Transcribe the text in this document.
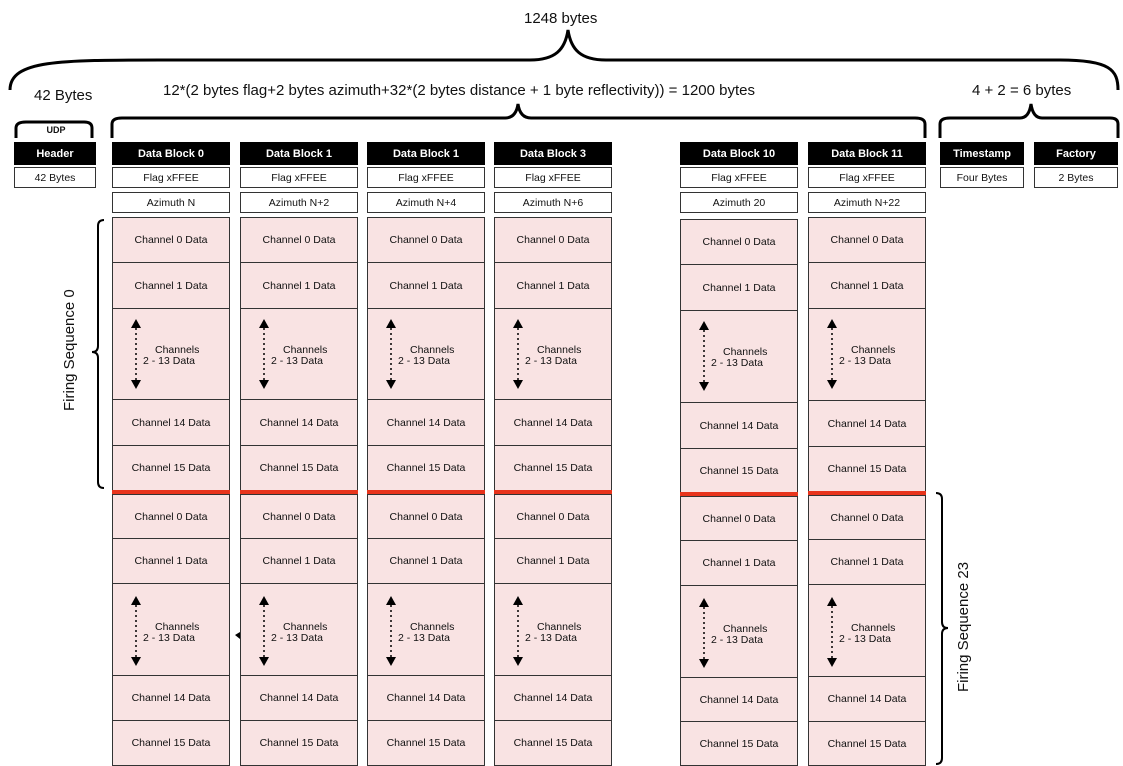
1248 bytes
42 Bytes
UDP
12*(2 bytes flag+2 bytes azimuth+32*(2 bytes distance + 1 byte reflectivity)) = 1200 bytes	4 + 2 = 6 bytes
Header
42 Bytes
Timestamp
Four Bytes
Factory
2 Bytes
Data Block 0
Flag xFFEE
Azimuth N
Channel 0 Data
Channel 1 Data
Channels
2 - 13 Data
Channel 14 Data
Channel 15 Data
Channel 0 Data
Channel 1 Data
Channels
2 - 13 Data
Channel 14 Data
Channel 15 Data
Data Block 1
Flag xFFEE
Azimuth N+2
Channel 0 Data
Channel 1 Data
Channels
2 - 13 Data
Channel 14 Data
Channel 15 Data
Channel 0 Data
Channel 1 Data
Channels
2 - 13 Data
Channel 14 Data
Channel 15 Data
Data Block 1
Flag xFFEE
Azimuth N+4
Channel 0 Data
Channel 1 Data
Channels
2 - 13 Data
Channel 14 Data
Channel 15 Data
Channel 0 Data
Channel 1 Data
Channels
2 - 13 Data
Channel 14 Data
Channel 15 Data
Data Block 3
Flag xFFEE
Azimuth N+6
Channel 0 Data
Channel 1 Data
Channels
2 - 13 Data
Channel 14 Data
Channel 15 Data
Channel 0 Data
Channel 1 Data
Channels
2 - 13 Data
Channel 14 Data
Channel 15 Data
Data Block 10
Flag xFFEE
Azimuth 20
Channel 0 Data
Channel 1 Data
Channels
2 - 13 Data
Channel 14 Data
Channel 15 Data
Channel 0 Data
Channel 1 Data
Channels
2 - 13 Data
Channel 14 Data
Channel 15 Data
Data Block 11
Flag xFFEE
Azimuth N+22
Channel 0 Data
Channel 1 Data
Channels
2 - 13 Data
Channel 14 Data
Channel 15 Data
Channel 0 Data
Channel 1 Data
Channels
2 - 13 Data
Channel 14 Data
Channel 15 Data
Firing Sequence 0
Firing Sequence 23
